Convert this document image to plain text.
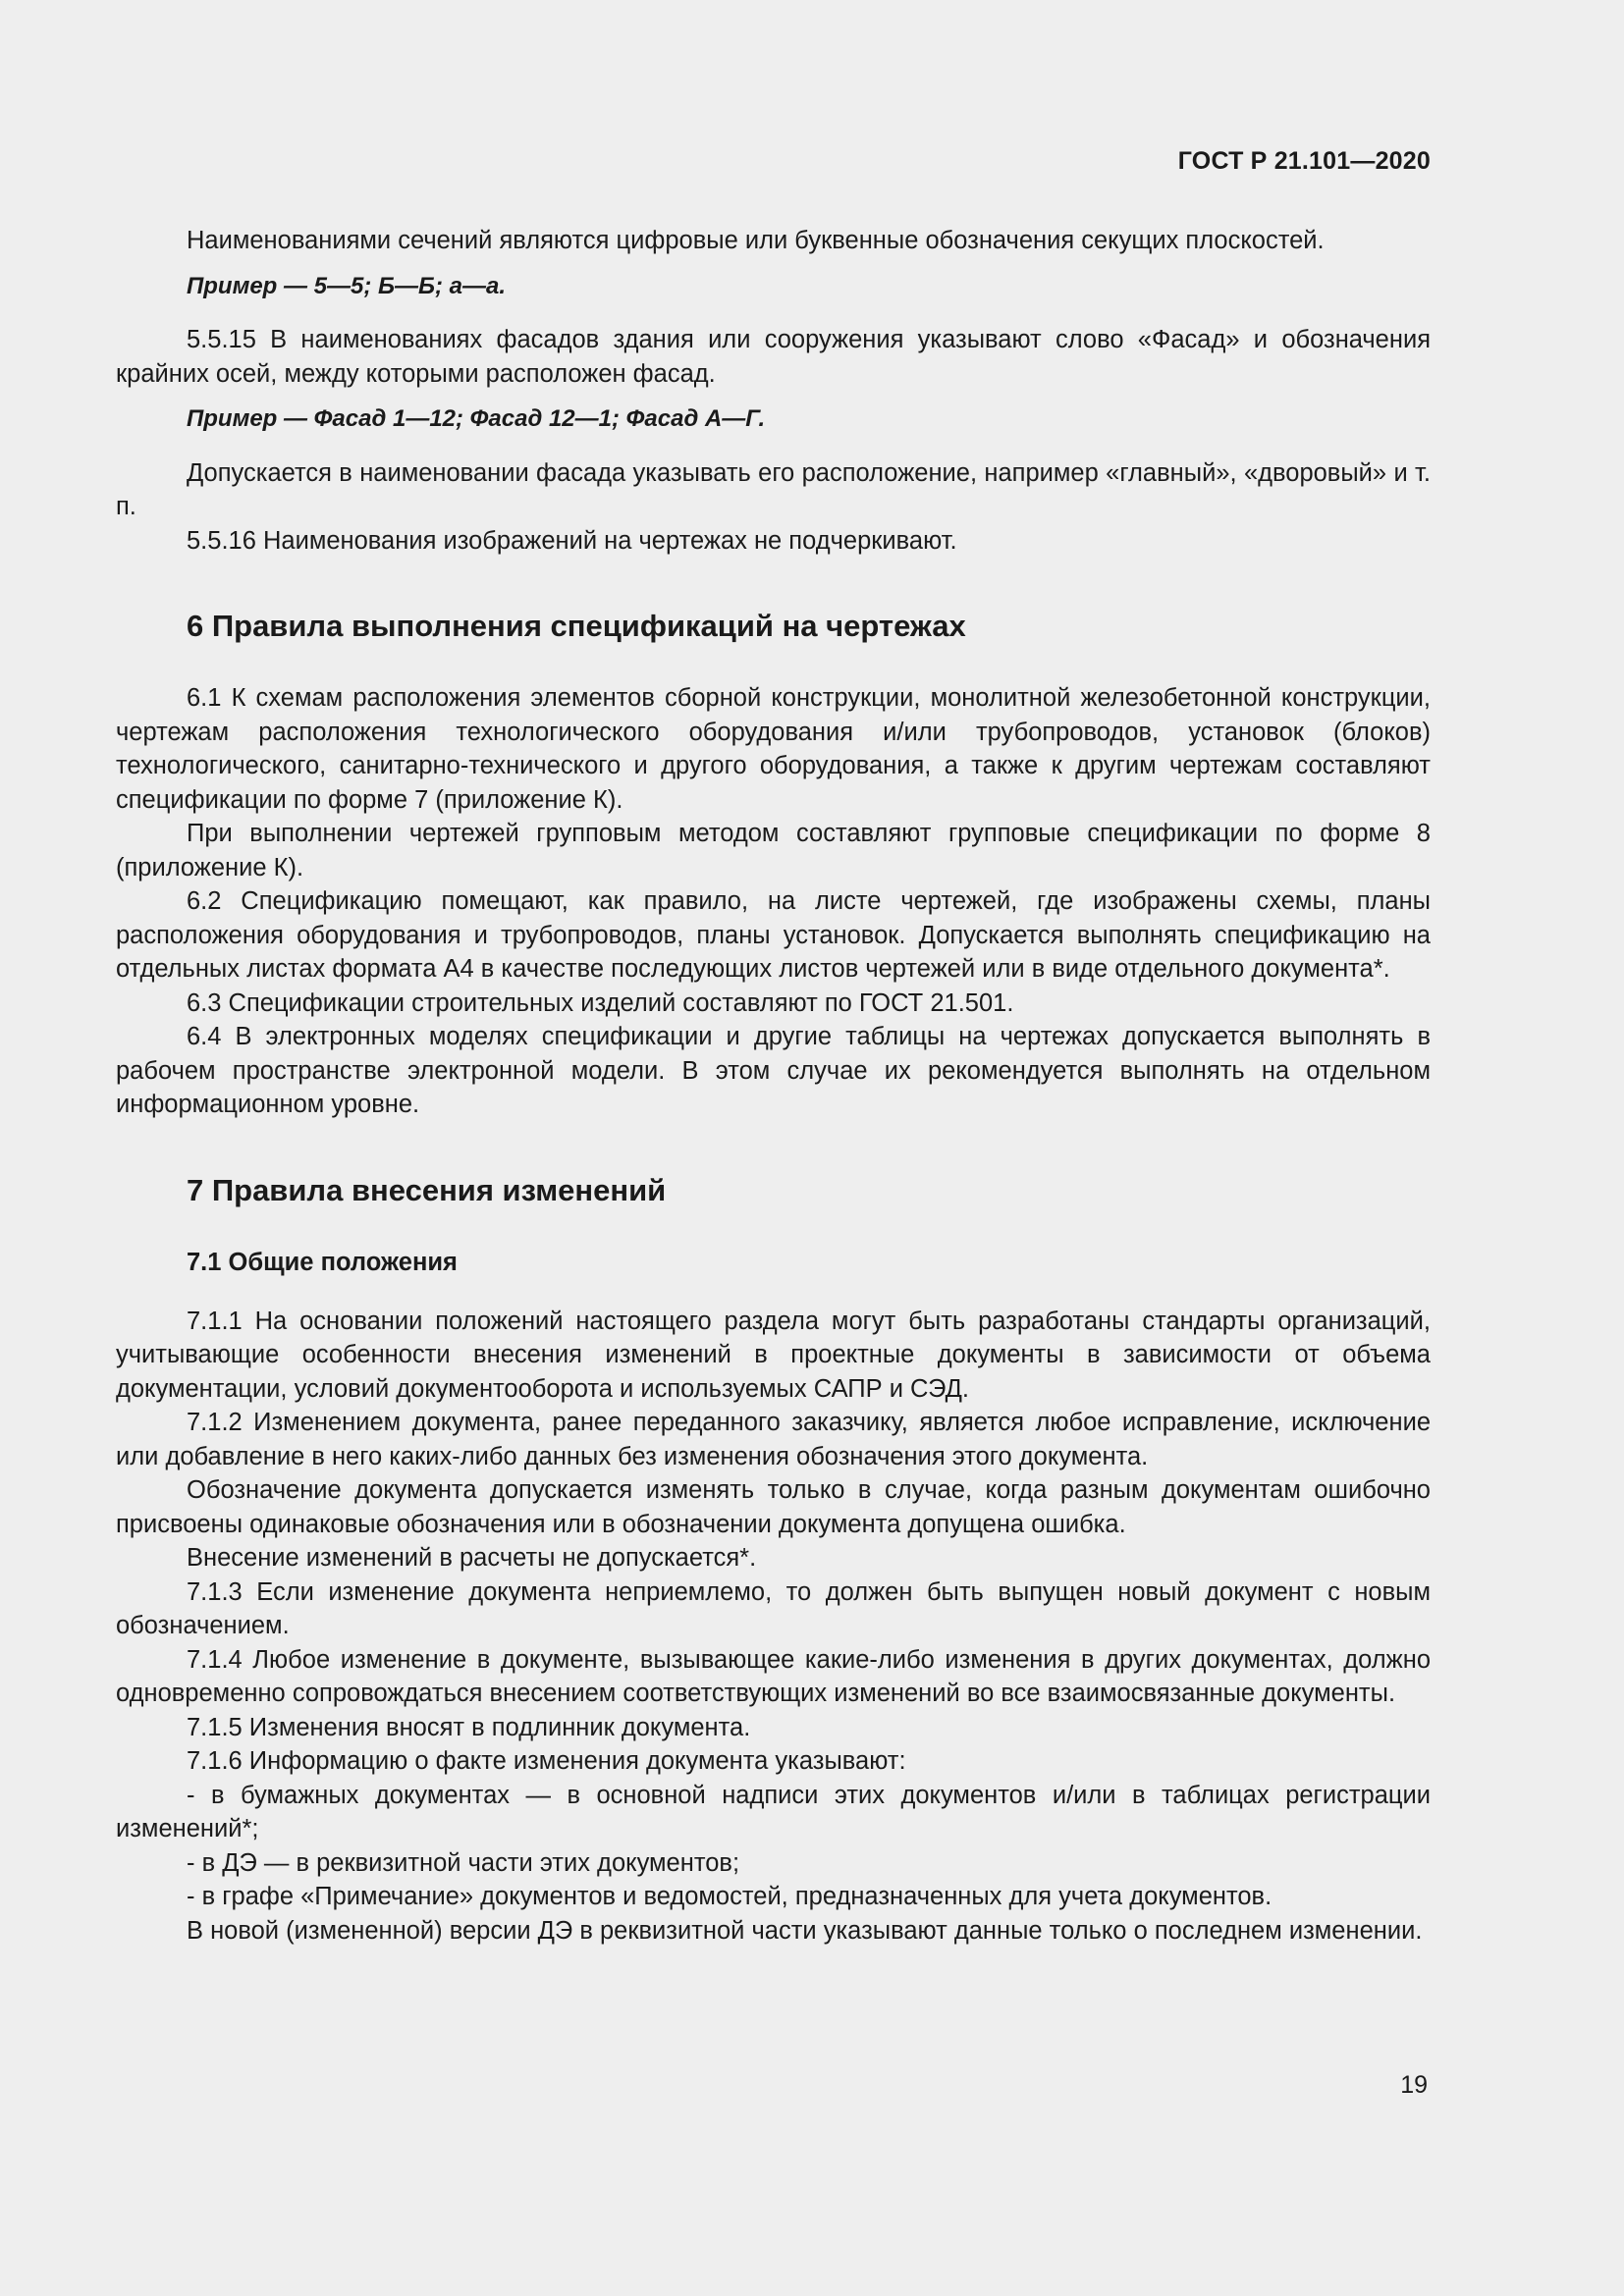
ГОСТ Р 21.101—2020

Наименованиями сечений являются цифровые или буквенные обозначения секущих плоскостей.

Пример — 5—5; Б—Б; а—а.

5.5.15 В наименованиях фасадов здания или сооружения указывают слово «Фасад» и обозначения крайних осей, между которыми расположен фасад.

Пример — Фасад 1—12; Фасад 12—1; Фасад А—Г.

Допускается в наименовании фасада указывать его расположение, например «главный», «дворовый» и т. п.

5.5.16 Наименования изображений на чертежах не подчеркивают.

6 Правила выполнения спецификаций на чертежах

6.1 К схемам расположения элементов сборной конструкции, монолитной железобетонной конструкции, чертежам расположения технологического оборудования и/или трубопроводов, установок (блоков) технологического, санитарно-технического и другого оборудования, а также к другим чертежам составляют спецификации по форме 7 (приложение К).

При выполнении чертежей групповым методом составляют групповые спецификации по форме 8 (приложение К).

6.2 Спецификацию помещают, как правило, на листе чертежей, где изображены схемы, планы расположения оборудования и трубопроводов, планы установок. Допускается выполнять спецификацию на отдельных листах формата А4 в качестве последующих листов чертежей или в виде отдельного документа*.

6.3 Спецификации строительных изделий составляют по ГОСТ 21.501.

6.4 В электронных моделях спецификации и другие таблицы на чертежах допускается выполнять в рабочем пространстве электронной модели. В этом случае их рекомендуется выполнять на отдельном информационном уровне.

7 Правила внесения изменений
7.1 Общие положения

7.1.1 На основании положений настоящего раздела могут быть разработаны стандарты организаций, учитывающие особенности внесения изменений в проектные документы в зависимости от объема документации, условий документооборота и используемых САПР и СЭД.

7.1.2 Изменением документа, ранее переданного заказчику, является любое исправление, исключение или добавление в него каких-либо данных без изменения обозначения этого документа.

Обозначение документа допускается изменять только в случае, когда разным документам ошибочно присвоены одинаковые обозначения или в обозначении документа допущена ошибка.

Внесение изменений в расчеты не допускается*.

7.1.3 Если изменение документа неприемлемо, то должен быть выпущен новый документ с новым обозначением.

7.1.4 Любое изменение в документе, вызывающее какие-либо изменения в других документах, должно одновременно сопровождаться внесением соответствующих изменений во все взаимосвязанные документы.

7.1.5 Изменения вносят в подлинник документа.

7.1.6 Информацию о факте изменения документа указывают:

- в бумажных документах — в основной надписи этих документов и/или в таблицах регистрации изменений*;

- в ДЭ — в реквизитной части этих документов;

- в графе «Примечание» документов и ведомостей, предназначенных для учета документов.

В новой (измененной) версии ДЭ в реквизитной части указывают данные только о последнем изменении.

19
